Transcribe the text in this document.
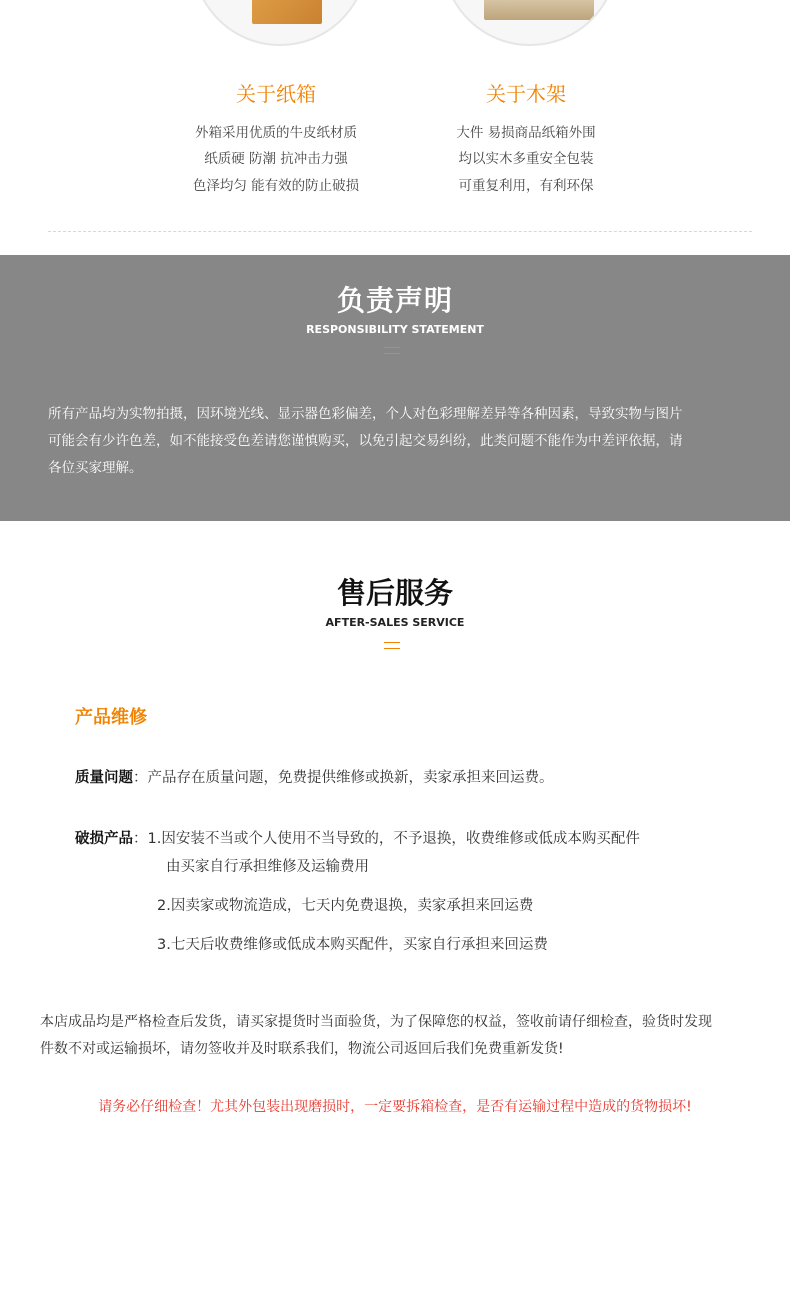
关于纸箱	关于木架
外箱采用优质的牛皮纸材质
纸质硬 防潮 抗冲击力强
色泽均匀 能有效的防止破损
大件 易损商品纸箱外围
均以实木多重安全包装
可重复利用，有利环保
负责声明
RESPONSIBILITY STATEMENT
所有产品均为实物拍摄，因环境光线、显示器色彩偏差，个人对色彩理解差异等各种因素，导致实物与图片
可能会有少许色差，如不能接受色差请您谨慎购买，以免引起交易纠纷，此类问题不能作为中差评依据，请
各位买家理解。
售后服务
AFTER-SALES SERVICE
产品维修
质量问题：产品存在质量问题，免费提供维修或换新，卖家承担来回运费。
破损产品：1.因安装不当或个人使用不当导致的，不予退换，收费维修或低成本购买配件
由买家自行承担维修及运输费用
2.因卖家或物流造成，七天内免费退换，卖家承担来回运费
3.七天后收费维修或低成本购买配件，买家自行承担来回运费
本店成品均是严格检查后发货，请买家提货时当面验货，为了保障您的权益，签收前请仔细检查，验货时发现
件数不对或运输损坏，请勿签收并及时联系我们，物流公司返回后我们免费重新发货!
请务必仔细检查！尤其外包装出现磨损时，一定要拆箱检查，是否有运输过程中造成的货物损坏!
